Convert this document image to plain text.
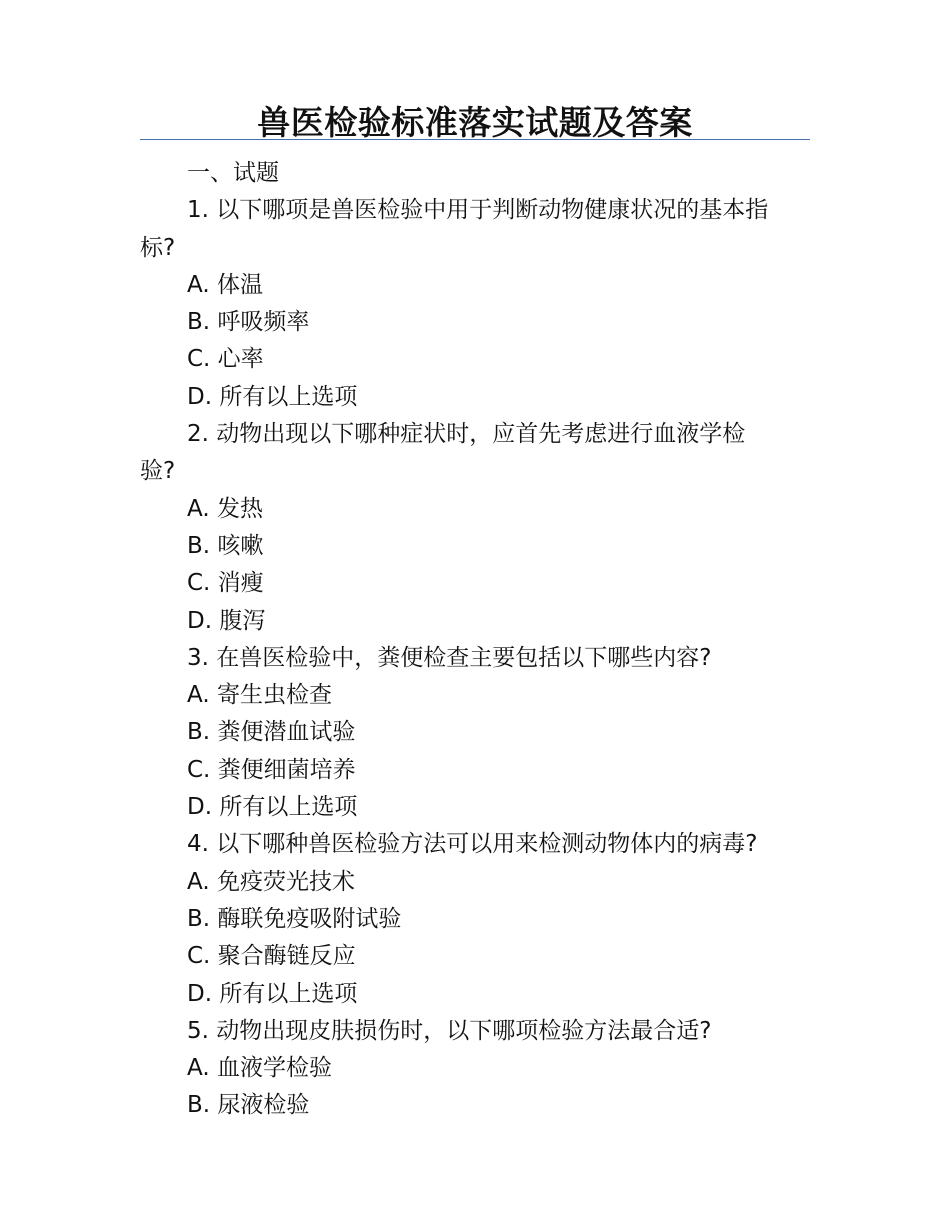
兽医检验标准落实试题及答案
一、试题
1. 以下哪项是兽医检验中用于判断动物健康状况的基本指
标?
A. 体温
B. 呼吸频率
C. 心率
D. 所有以上选项
2. 动物出现以下哪种症状时，应首先考虑进行血液学检
验?
A. 发热
B. 咳嗽
C. 消瘦
D. 腹泻
3. 在兽医检验中，粪便检查主要包括以下哪些内容?
A. 寄生虫检查
B. 粪便潜血试验
C. 粪便细菌培养
D. 所有以上选项
4. 以下哪种兽医检验方法可以用来检测动物体内的病毒?
A. 免疫荧光技术
B. 酶联免疫吸附试验
C. 聚合酶链反应
D. 所有以上选项
5. 动物出现皮肤损伤时，以下哪项检验方法最合适?
A. 血液学检验
B. 尿液检验
